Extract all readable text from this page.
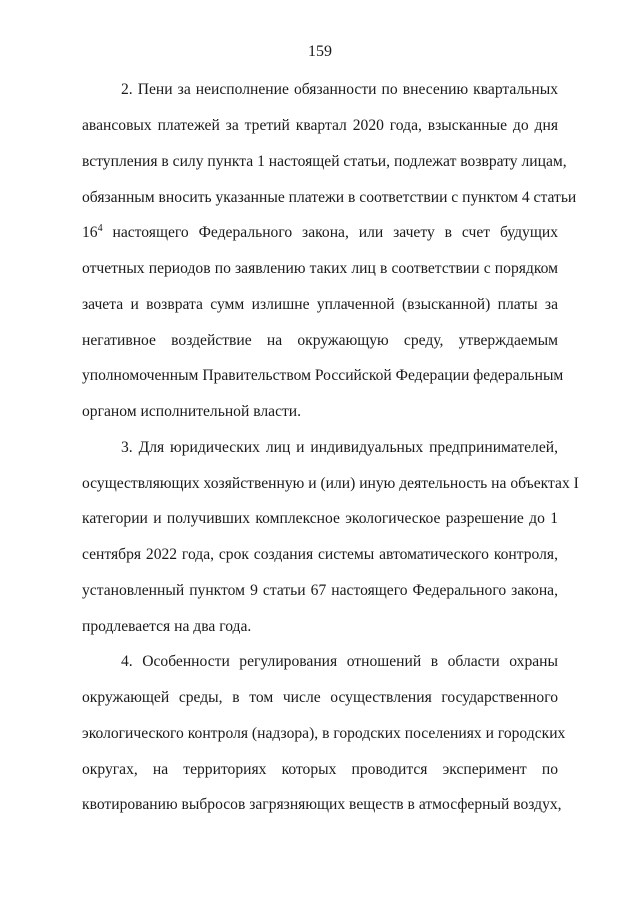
159
2. Пени за неисполнение обязанности по внесению квартальных
авансовых платежей за третий квартал 2020 года, взысканные до дня
вступления в силу пункта 1 настоящей статьи, подлежат возврату лицам,
обязанным вносить указанные платежи в соответствии с пунктом 4 статьи
$16^4$ настоящего Федерального закона, или зачету в счет будущих
отчетных периодов по заявлению таких лиц в соответствии с порядком
зачета и возврата сумм излишне уплаченной (взысканной) платы за
негативное воздействие на окружающую среду, утверждаемым
уполномоченным Правительством Российской Федерации федеральным
органом исполнительной власти.
3. Для юридических лиц и индивидуальных предпринимателей,
осуществляющих хозяйственную и (или) иную деятельность на объектах I
категории и получивших комплексное экологическое разрешение до 1
сентября 2022 года, срок создания системы автоматического контроля,
установленный пунктом 9 статьи 67 настоящего Федерального закона,
продлевается на два года.
4. Особенности регулирования отношений в области охраны
окружающей среды, в том числе осуществления государственного
экологического контроля (надзора), в городских поселениях и городских
округах, на территориях которых проводится эксперимент по
квотированию выбросов загрязняющих веществ в атмосферный воздух,
